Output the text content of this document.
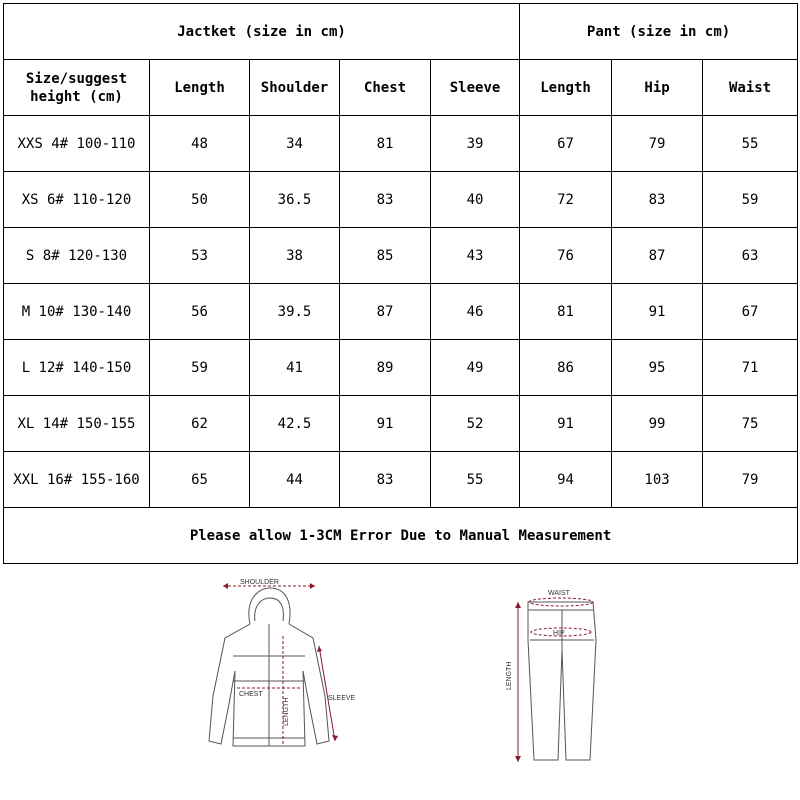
Jactket (size in cm)					Pant (size in cm)		

Size/suggest
height (cm)	Length	Shoulder	Chest	Sleeve	Length	Hip	Waist
XXS 4# 100-110	48	34	81	39	67	79	55
XS 6# 110-120	50	36.5	83	40	72	83	59
S 8# 120-130	53	38	85	43	76	87	63
M 10# 130-140	56	39.5	87	46	81	91	67
L 12# 140-150	59	41	89	49	86	95	71
XL 14# 150-155	62	42.5	91	52	91	99	75
XXL 16# 155-160	65	44	83	55	94	103	79
Please allow 1-3CM Error Due to Manual Measurement							
SHOULDER
CHEST
SLEEVE
LENGTH
WAIST
HIP
LENGTH
